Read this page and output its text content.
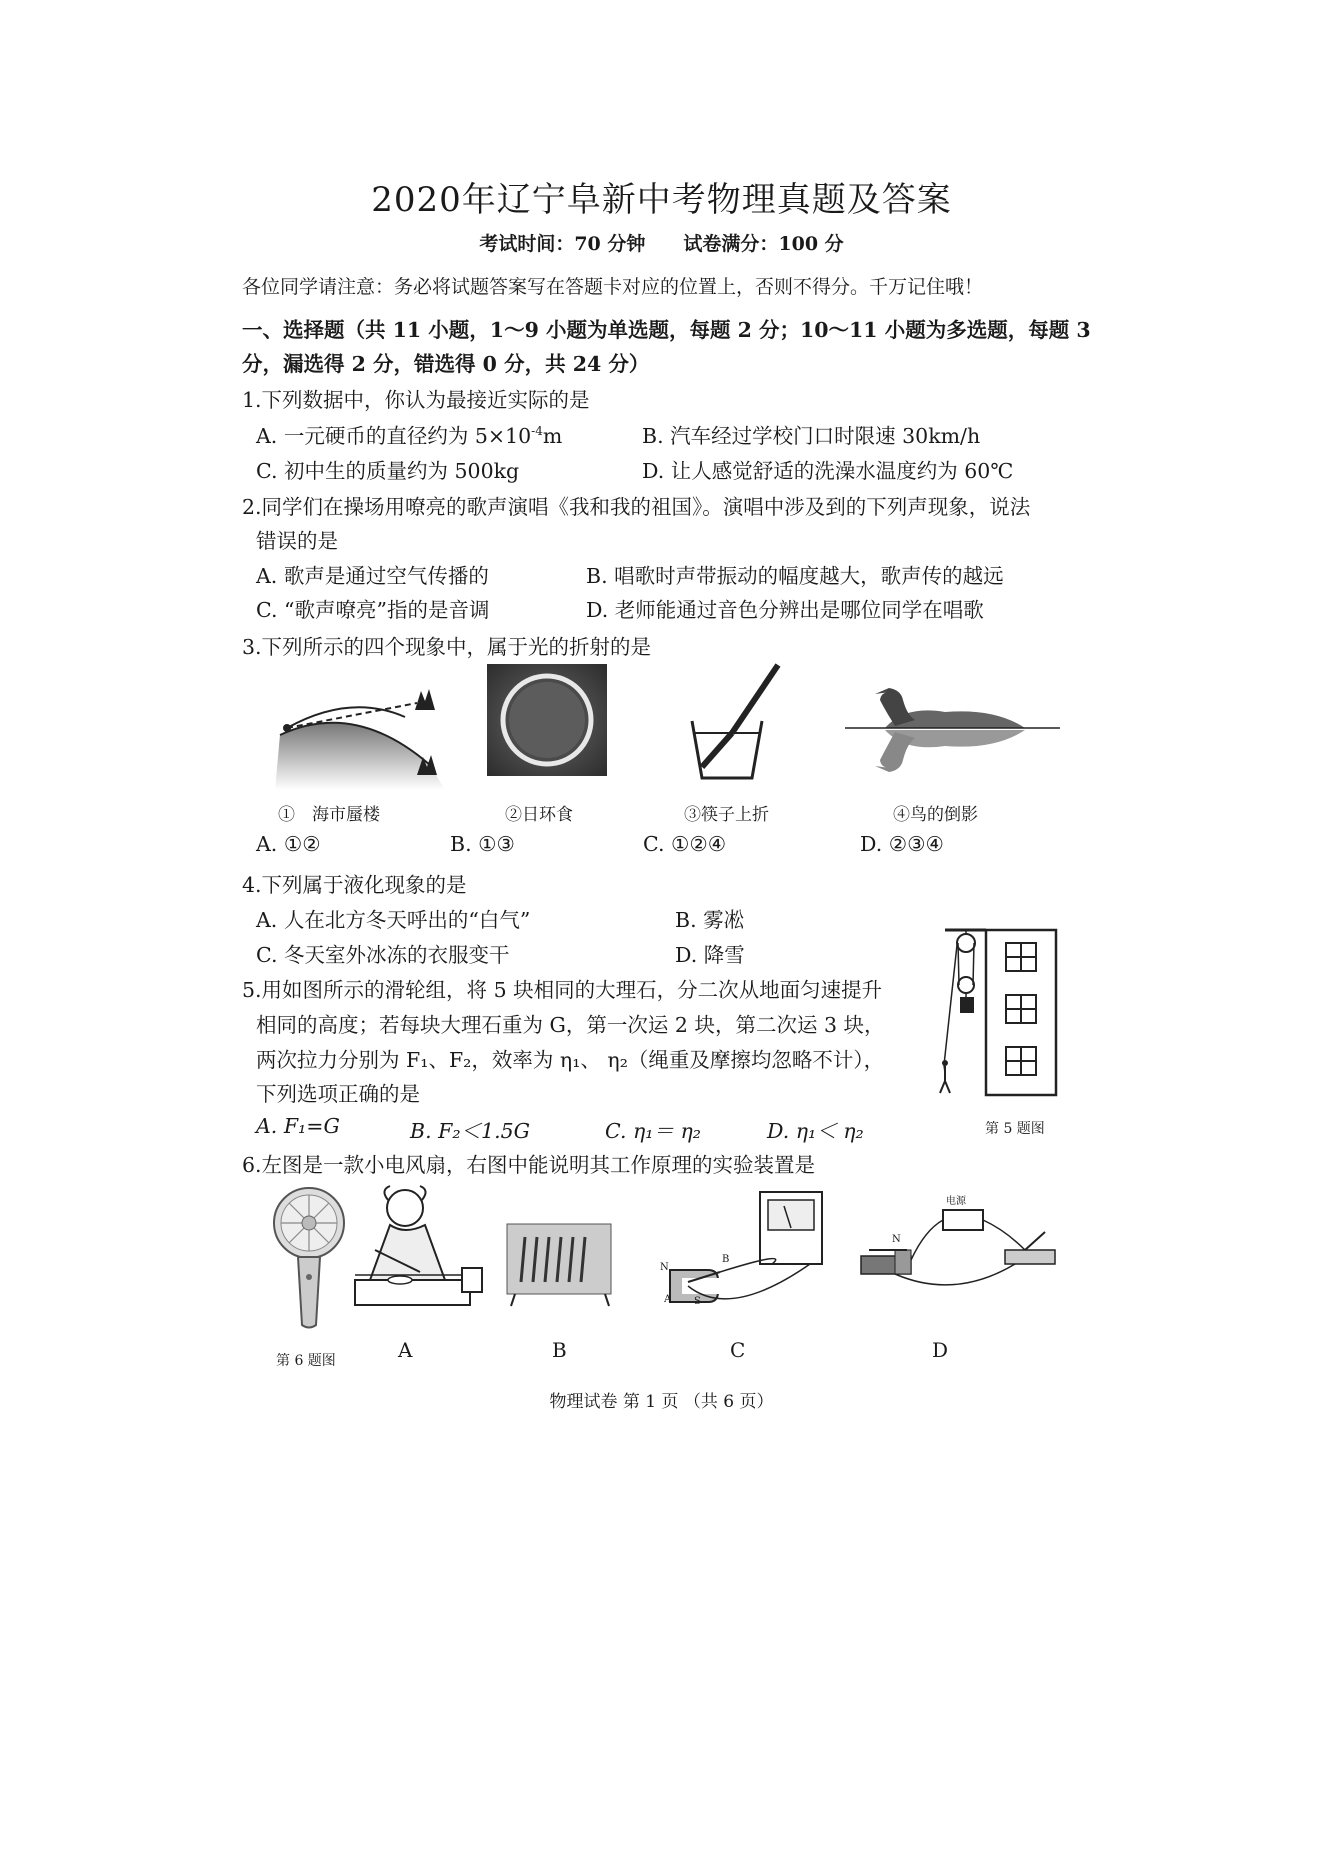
2020年辽宁阜新中考物理真题及答案
考试时间：70 分钟　　试卷满分：100 分
各位同学请注意：务必将试题答案写在答题卡对应的位置上，否则不得分。千万记住哦！
一、选择题（共 11 小题，1～9 小题为单选题，每题 2 分；10～11 小题为多选题，每题 3
分，漏选得 2 分，错选得 0 分，共 24 分）
1.下列数据中，你认为最接近实际的是
A. 一元硬币的直径约为 $5\times 10^{-4}m$	B. 汽车经过学校门口时限速 30km/h
C. 初中生的质量约为 500kg	D. 让人感觉舒适的洗澡水温度约为 60℃
2.同学们在操场用嘹亮的歌声演唱《我和我的祖国》。演唱中涉及到的下列声现象，说法
错误的是
A. 歌声是通过空气传播的	B. 唱歌时声带振动的幅度越大，歌声传的越远
C. “歌声嘹亮”指的是音调	D. 老师能通过音色分辨出是哪位同学在唱歌
3.下列所示的四个现象中，属于光的折射的是
①　海市蜃楼	②日环食	③筷子上折	④鸟的倒影
A. ①②	B. ①③	C. ①②④	D. ②③④
4.下列属于液化现象的是
A. 人在北方冬天呼出的“白气”	B. 雾凇
C. 冬天室外冰冻的衣服变干	D. 降雪
5.用如图所示的滑轮组，将 5 块相同的大理石，分二次从地面匀速提升
相同的高度；若每块大理石重为 G，第一次运 2 块，第二次运 3 块，
两次拉力分别为 F₁、F₂，效率为 η₁、 η₂（绳重及摩擦均忽略不计），
下列选项正确的是
A. F₁=G	B. F₂＜1.5G	C. η₁＝ η₂	D. η₁＜ η₂	第 5 题图
6.左图是一款小电风扇，右图中能说明其工作原理的实验装置是
第 6 题图
N
B
A S
电源
N
A	B	C	D
物理试卷 第 1 页 （共 6 页）
